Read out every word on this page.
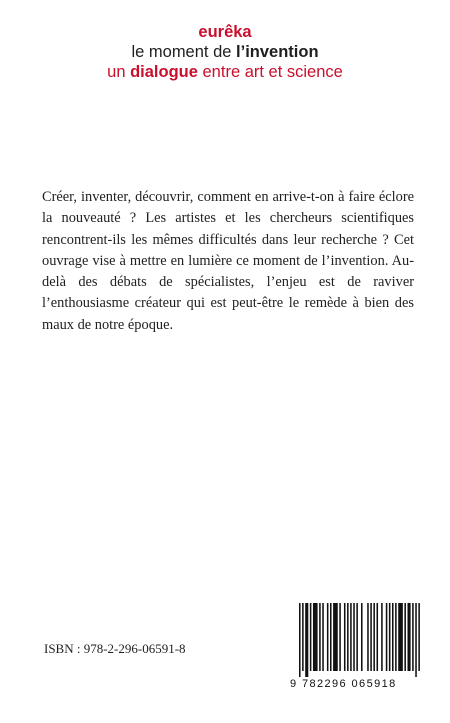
eurêka
le moment de l’invention
un dialogue entre art et science
Créer, inventer, découvrir, comment en arrive-t-on à faire éclore la nouveauté ? Les artistes et les chercheurs scientifiques rencontrent-ils les mêmes difficultés dans leur recherche ? Cet ouvrage vise à mettre en lumière ce moment de l’invention. Au-delà des débats de spécialistes, l’enjeu est de raviver l’enthousiasme créateur qui est peut-être le remède à bien des maux de notre époque.
ISBN : 978-2-296-06591-8
9 782296 065918
